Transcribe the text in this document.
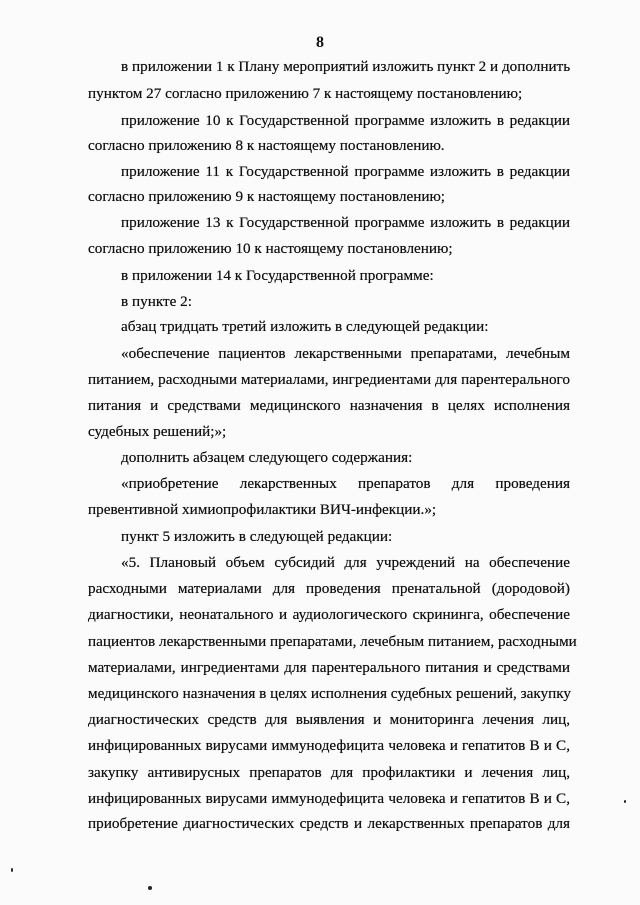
8
в приложении 1 к Плану мероприятий изложить пункт 2 и дополнить
пунктом 27 согласно приложению 7 к настоящему постановлению;
приложение 10 к Государственной программе изложить в редакции
согласно приложению 8 к настоящему постановлению.
приложение 11 к Государственной программе изложить в редакции
согласно приложению 9 к настоящему постановлению;
приложение 13 к Государственной программе изложить в редакции
согласно приложению 10 к настоящему постановлению;
в приложении 14 к Государственной программе:
в пункте 2:
абзац тридцать третий изложить в следующей редакции:
«обеспечение пациентов лекарственными препаратами, лечебным
питанием, расходными материалами, ингредиентами для парентерального
питания и средствами медицинского назначения в целях исполнения
судебных решений;»;
дополнить абзацем следующего содержания:
«приобретение лекарственных препаратов для проведения
превентивной химиопрофилактики ВИЧ-инфекции.»;
пункт 5 изложить в следующей редакции:
«5. Плановый объем субсидий для учреждений на обеспечение
расходными материалами для проведения пренатальной (дородовой)
диагностики, неонатального и аудиологического скрининга, обеспечение
пациентов лекарственными препаратами, лечебным питанием, расходными
материалами, ингредиентами для парентерального питания и средствами
медицинского назначения в целях исполнения судебных решений, закупку
диагностических средств для выявления и мониторинга лечения лиц,
инфицированных вирусами иммунодефицита человека и гепатитов В и С,
закупку антивирусных препаратов для профилактики и лечения лиц,
инфицированных вирусами иммунодефицита человека и гепатитов В и С,
приобретение диагностических средств и лекарственных препаратов для
